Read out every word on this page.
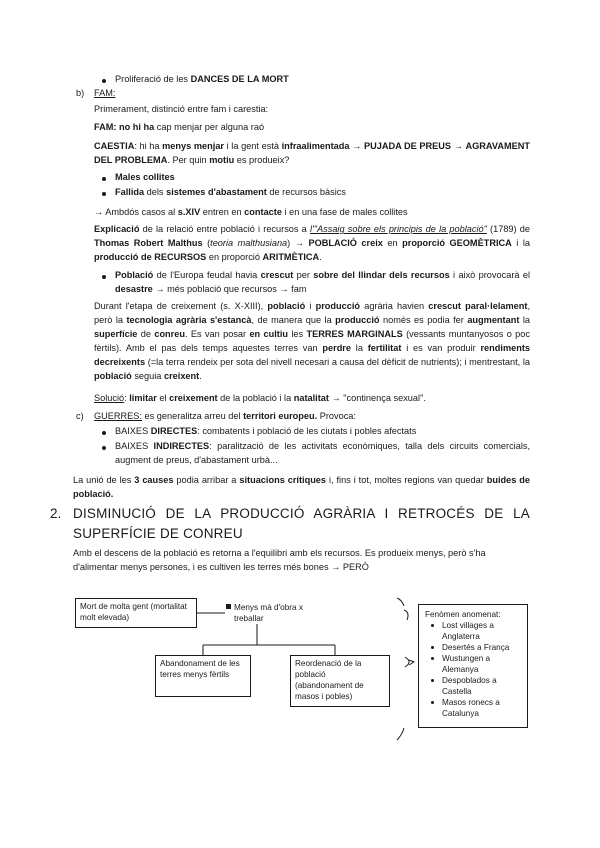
Proliferació de les DANCES DE LA MORT
b) FAM:
Primerament, distinció entre fam i carestia:
FAM: no hi ha cap menjar per alguna raó
CAESTIA: hi ha menys menjar i la gent està infraalimentada → PUJADA DE PREUS → AGRAVAMENT DEL PROBLEMA. Per quin motiu es produeix?
Males collites
Fallida dels sistemes d'abastament de recursos bàsics
→ Ambdós casos al s.XIV entren en contacte i en una fase de males collites
Explicació de la relació entre població i recursos a l'"Assaig sobre els principis de la població" (1789) de Thomas Robert Malthus (teoria malthusiana) → POBLACIÓ creix en proporció GEOMÈTRICA i la producció de RECURSOS en proporció ARITMÈTICA.
Població de l'Europa feudal havia crescut per sobre del llindar dels recursos i això provocarà el desastre → més població que recursos → fam
Durant l'etapa de creixement (s. X-XIII), població i producció agrària havien crescut paral·lelament, però la tecnologia agrària s'estancà, de manera que la producció només es podia fer augmentant la superfície de conreu. Es van posar en cultiu les TERRES MARGINALS (vessants muntanyosos o poc fèrtils). Amb el pas dels temps aquestes terres van perdre la fertilitat i es van produir rendiments decreixents (=la terra rendeix per sota del nivell necesari a causa del dèficit de nutrients); i mentrestant, la població seguia creixent.
Solució: limitar el creixement de la població i la natalitat → "continença sexual".
c) GUERRES: es generalitza arreu del territori europeu. Provoca:
BAIXES DIRECTES: combatents i població de les ciutats i pobles afectats
BAIXES INDIRECTES: paralització de les activitats econòmiques, talla dels circuits comercials, augment de preus, d'abastament urbà...
La unió de les 3 causes podia arribar a situacions crítiques i, fins i tot, moltes regions van quedar buides de població.
2. DISMINUCIÓ DE LA PRODUCCIÓ AGRÀRIA I RETROCÉS DE LA SUPERFÍCIE DE CONREU
Amb el descens de la població es retorna a l'equilibri amb els recursos. Es produeix menys, però s'ha d'alimentar menys persones, i es cultiven les terres més bones → PERÒ
Mort de molta gent (mortalitat molt elevada)
Menys mà d'obra x treballar
Abandonament de les terres menys fèrtils
Reordenació de la població (abandonament de masos i pobles)
Fenòmen anomenat:
Lost villages a Anglaterra
Desertés a França
Wustungen a Alemanya
Despoblados a Castella
Masos ronecs a Catalunya
